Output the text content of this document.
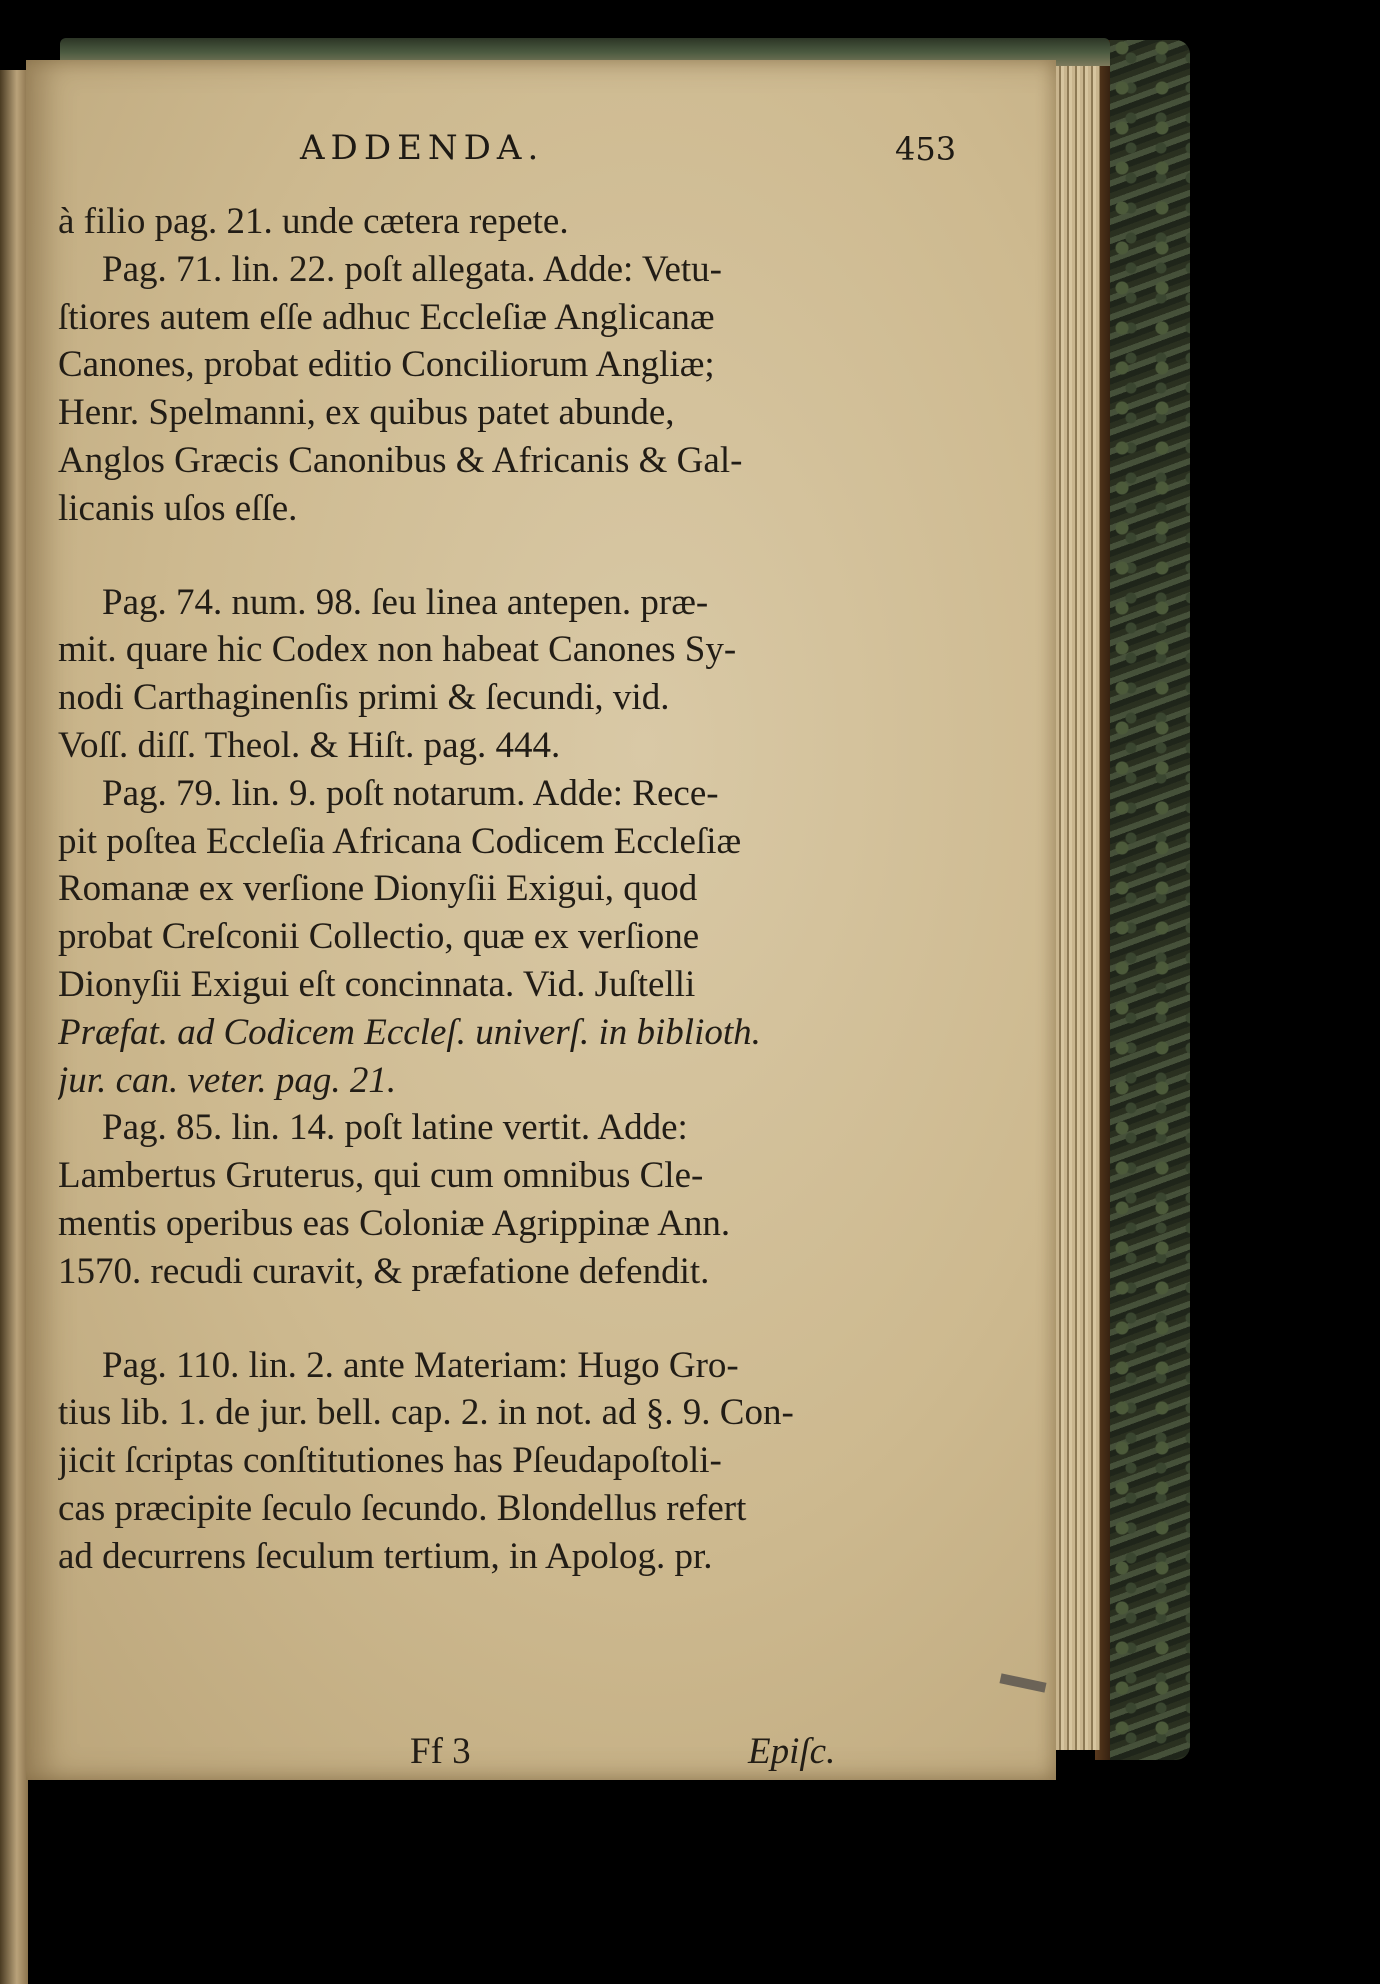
ADDENDA.	453

à filio pag. 21. unde cætera repete.

Pag. 71. lin. 22. poſt allegata. Adde: Vetu-
ſtiores autem eſſe adhuc Eccleſiæ Anglicanæ
Canones, probat editio Conciliorum Angliæ;
Henr. Spelmanni, ex quibus patet abunde,
Anglos Græcis Canonibus & Africanis & Gal-
licanis uſos eſſe.

Pag. 74. num. 98. ſeu linea antepen. præ-
mit. quare hic Codex non habeat Canones Sy-
nodi Carthaginenſis primi & ſecundi, vid.
Voſſ. diſſ. Theol. & Hiſt. pag. 444.

Pag. 79. lin. 9. poſt notarum. Adde: Rece-
pit poſtea Eccleſia Africana Codicem Eccleſiæ
Romanæ ex verſione Dionyſii Exigui, quod
probat Creſconii Collectio, quæ ex verſione
Dionyſii Exigui eſt concinnata. Vid. Juſtelli
Præfat. ad Codicem Eccleſ. univerſ. in biblioth.
jur. can. veter. pag. 21.

Pag. 85. lin. 14. poſt latine vertit. Adde:
Lambertus Gruterus, qui cum omnibus Cle-
mentis operibus eas Coloniæ Agrippinæ Ann.
1570. recudi curavit, & præfatione defendit.

Pag. 110. lin. 2. ante Materiam: Hugo Gro-
tius lib. 1. de jur. bell. cap. 2. in not. ad §. 9. Con-
jicit ſcriptas conſtitutiones has Pſeudapoſtoli-
cas præcipite ſeculo ſecundo. Blondellus refert
ad decurrens ſeculum tertium, in Apolog. pr.

Ff 3	Epiſc.
